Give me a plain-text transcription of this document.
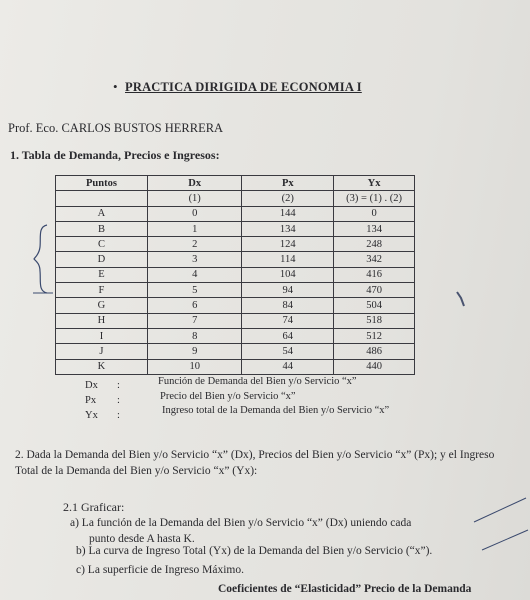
• PRACTICA DIRIGIDA DE ECONOMIA I
Prof. Eco. CARLOS BUSTOS HERRERA
1. Tabla de Demanda, Precios e Ingresos:
Puntos	Dx	Px	Yx
	(1)	(2)	(3) = (1) . (2)
A	0	144	0
B	1	134	134
C	2	124	248
D	3	114	342
E	4	104	416
F	5	94	470
G	6	84	504
H	7	74	518
I	8	64	512
J	9	54	486
K	10	44	440
Dx :	Función de Demanda del Bien y/o Servicio “x”
Px :	Precio del Bien y/o Servicio “x”
Yx :	Ingreso total de la Demanda del Bien y/o Servicio “x”
2. Dada la Demanda del Bien y/o Servicio “x” (Dx), Precios del Bien y/o Servicio “x” (Px); y el Ingreso Total de la Demanda del Bien y/o Servicio “x” (Yx):
2.1 Graficar:
a) La función de la Demanda del Bien y/o Servicio “x” (Dx) uniendo cada
punto desde A hasta K.
b) La curva de Ingreso Total (Yx) de la Demanda del Bien y/o Servicio (“x”).
c) La superficie de Ingreso Máximo.
Coeficientes de “Elasticidad” Precio de la Demanda
